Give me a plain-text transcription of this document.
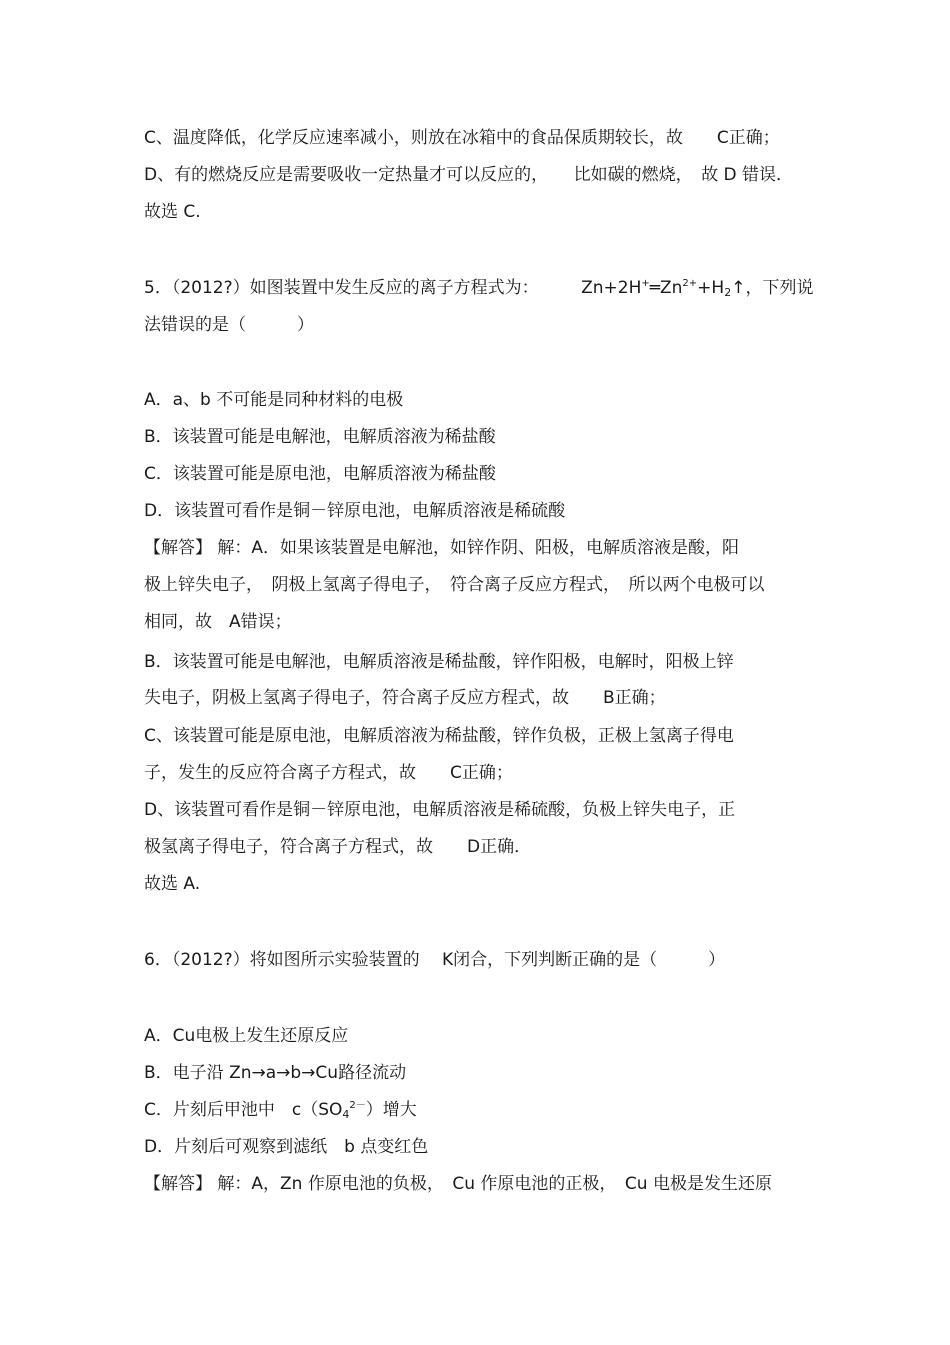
C、温度降低，化学反应速率减小，则放在冰箱中的食品保质期较长，故　　C正确；
D、有的燃烧反应是需要吸收一定热量才可以反应的，　　比如碳的燃烧，　故 D 错误．
故选 C.
5．（2012?）如图装置中发生反应的离子方程式为：　　　$Zn+2H^+═Zn^{2+}+H_2↑$，下列说
法错误的是（　　　）
A．a、b 不可能是同种材料的电极
B．该装置可能是电解池，电解质溶液为稀盐酸
C．该装置可能是原电池，电解质溶液为稀盐酸
D．该装置可看作是铜－锌原电池，电解质溶液是稀硫酸
【解答】 解：A．如果该装置是电解池，如锌作阴、阳极，电解质溶液是酸，阳
极上锌失电子，　阴极上氢离子得电子，　符合离子反应方程式，　所以两个电极可以
相同，故　A错误；
B．该装置可能是电解池，电解质溶液是稀盐酸，锌作阳极，电解时，阳极上锌
失电子，阴极上氢离子得电子，符合离子反应方程式，故　　B正确；
C、该装置可能是原电池，电解质溶液为稀盐酸，锌作负极，正极上氢离子得电
子，发生的反应符合离子方程式，故　　C正确；
D、该装置可看作是铜－锌原电池，电解质溶液是稀硫酸，负极上锌失电子，正
极氢离子得电子，符合离子方程式，故　　D正确．
故选 A.
6．（2012?）将如图所示实验装置的　 K闭合，下列判断正确的是（　　　）
A．Cu电极上发生还原反应
B．电子沿 Zn→a→b→Cu路径流动
C．片刻后甲池中　$c(SO_4^{2-})$增大
D．片刻后可观察到滤纸　b 点变红色
【解答】 解：A，Zn 作原电池的负极，　Cu 作原电池的正极，　Cu 电极是发生还原
